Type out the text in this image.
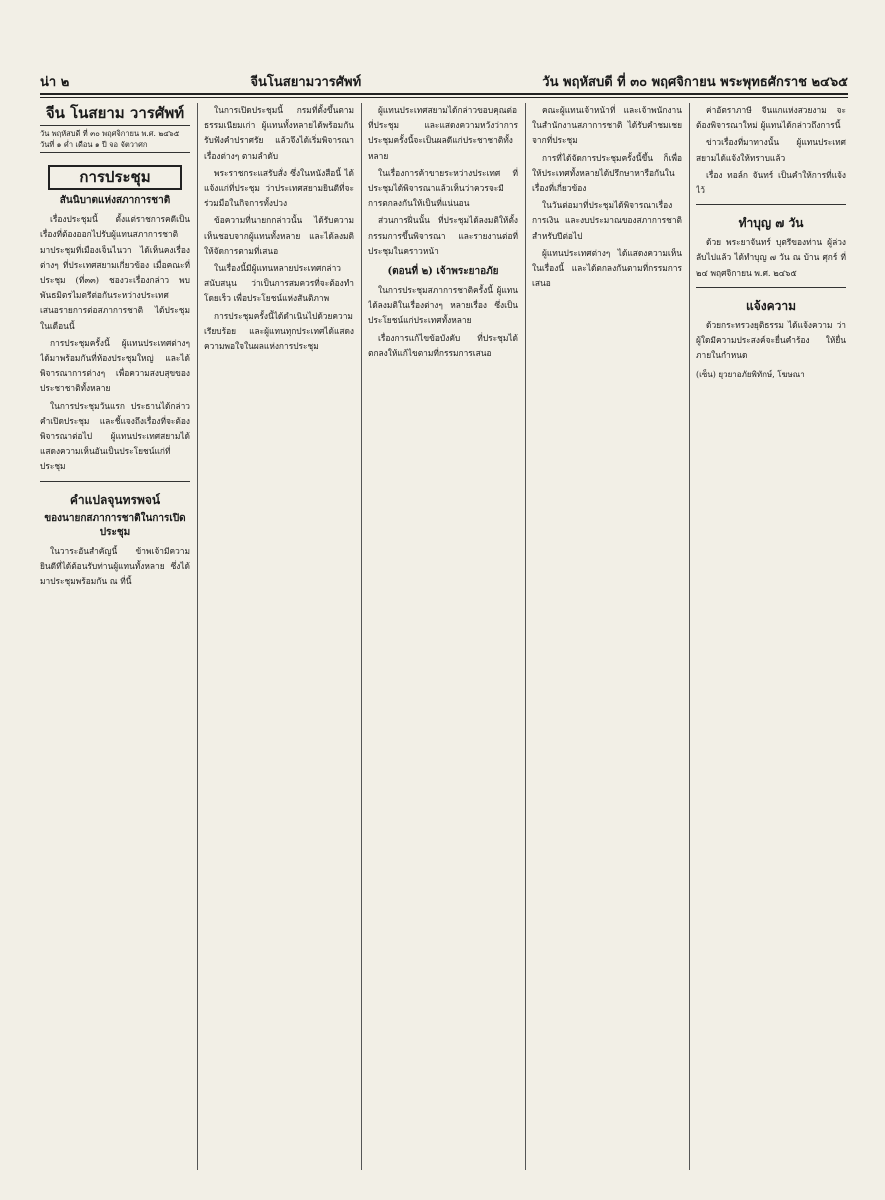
น่า ๒	จีนโนสยามวารศัพท์	วัน พฤหัสบดี ที่ ๓๐ พฤศจิกายน พระพุทธศักราช ๒๔๖๕
จีน โนสยาม วารศัพท์
วัน พฤหัสบดี ที่ ๓๐ พฤศจิกายน พ.ศ. ๒๔๖๕
วันที่ ๑ ค่ำ เดือน ๑ ปี จอ จัตวาศก
การประชุม
สันนิบาตแห่งสภาการชาติ

เรื่องประชุมนี้ ตั้งแต่ราชการคดีเป็นเรื่องที่ต้องออกไปรับผู้แทนสภาการชาติ มาประชุมที่เมืองเจ็นไนวา ได้เห็นคงเรื่องต่างๆ ที่ประเทศสยามเกี่ยวข้อง เมื่อคณะที่ประชุม (ที่๓๓) ชองวะเรื่องกล่าว พบพันธมิตรไมตรีต่อกันระหว่างประเทศ เสนอรายการต่อสภาการชาติ ได้ประชุมในเดือนนี้

การประชุมครั้งนี้ ผู้แทนประเทศต่างๆ ได้มาพร้อมกันที่ห้องประชุมใหญ่ และได้พิจารณาการต่างๆ เพื่อความสงบสุขของประชาชาติทั้งหลาย

ในการประชุมวันแรก ประธานได้กล่าวคำเปิดประชุม และชี้แจงถึงเรื่องที่จะต้องพิจารณาต่อไป ผู้แทนประเทศสยามได้แสดงความเห็นอันเป็นประโยชน์แก่ที่ประชุม

คำแปลจุนทรพจน์
ของนายกสภาการชาติในการเปิดประชุม

ในวาระอันสำคัญนี้ ข้าพเจ้ามีความยินดีที่ได้ต้อนรับท่านผู้แทนทั้งหลาย ซึ่งได้มาประชุมพร้อมกัน ณ ที่นี้

ในการเปิดประชุมนี้ กรมที่ตั้งขึ้นตามธรรมเนียมเก่า ผู้แทนทั้งหลายได้พร้อมกันรับฟังคำปราศรัย แล้วจึงได้เริ่มพิจารณาเรื่องต่างๆ ตามลำดับ

พระราชกระแสรับสั่ง ซึ่งในหนังสือนี้ ได้แจ้งแก่ที่ประชุม ว่าประเทศสยามยินดีที่จะร่วมมือในกิจการทั้งปวง

ข้อความที่นายกกล่าวนั้น ได้รับความเห็นชอบจากผู้แทนทั้งหลาย และได้ลงมติให้จัดการตามที่เสนอ

ในเรื่องนี้มีผู้แทนหลายประเทศกล่าวสนับสนุน ว่าเป็นการสมควรที่จะต้องทำโดยเร็ว เพื่อประโยชน์แห่งสันติภาพ

การประชุมครั้งนี้ได้ดำเนินไปด้วยความเรียบร้อย และผู้แทนทุกประเทศได้แสดงความพอใจในผลแห่งการประชุม

ผู้แทนประเทศสยามได้กล่าวขอบคุณต่อที่ประชุม และแสดงความหวังว่าการประชุมครั้งนี้จะเป็นผลดีแก่ประชาชาติทั้งหลาย

ในเรื่องการค้าขายระหว่างประเทศ ที่ประชุมได้พิจารณาแล้วเห็นว่าควรจะมีการตกลงกันให้เป็นที่แน่นอน

ส่วนการฝิ่นนั้น ที่ประชุมได้ลงมติให้ตั้งกรรมการขึ้นพิจารณา และรายงานต่อที่ประชุมในคราวหน้า

(ตอนที่ ๒) เจ้าพระยาอภัย

ในการประชุมสภาการชาติครั้งนี้ ผู้แทนได้ลงมติในเรื่องต่างๆ หลายเรื่อง ซึ่งเป็นประโยชน์แก่ประเทศทั้งหลาย

เรื่องการแก้ไขข้อบังคับ ที่ประชุมได้ตกลงให้แก้ไขตามที่กรรมการเสนอ

คณะผู้แทนเจ้าหน้าที่ และเจ้าพนักงานในสำนักงานสภาการชาติ ได้รับคำชมเชยจากที่ประชุม

การที่ได้จัดการประชุมครั้งนี้ขึ้น ก็เพื่อให้ประเทศทั้งหลายได้ปรึกษาหารือกันในเรื่องที่เกี่ยวข้อง

ในวันต่อมาที่ประชุมได้พิจารณาเรื่องการเงิน และงบประมาณของสภาการชาติ สำหรับปีต่อไป

ผู้แทนประเทศต่างๆ ได้แสดงความเห็นในเรื่องนี้ และได้ตกลงกันตามที่กรรมการเสนอ

ค่าอัตราภาษี จีนแกแห่งสวยงาม จะต้องพิจารณาใหม่ ผู้แทนได้กล่าวถึงการนี้

ข่าวเรื่องที่มาทางนั้น ผู้แทนประเทศสยามได้แจ้งให้ทราบแล้ว

เรื่อง ทอล์ก จันทร์ เป็นคำให้การที่แจ้งไว้

ทำบุญ ๗ วัน

ด้วย พระยาจันทร์ บุตรีของท่าน ผู้ล่วงลับไปแล้ว ได้ทำบุญ ๗ วัน ณ บ้าน ศุกร์ ที่ ๒๔ พฤศจิกายน พ.ศ. ๒๔๖๕

แจ้งความ

ด้วยกระทรวงยุติธรรม ได้แจ้งความ ว่าผู้ใดมีความประสงค์จะยื่นคำร้อง ให้ยื่นภายในกำหนด

(เซ็น) ยุวยาอภัยพิทักษ์, โฆษณา
